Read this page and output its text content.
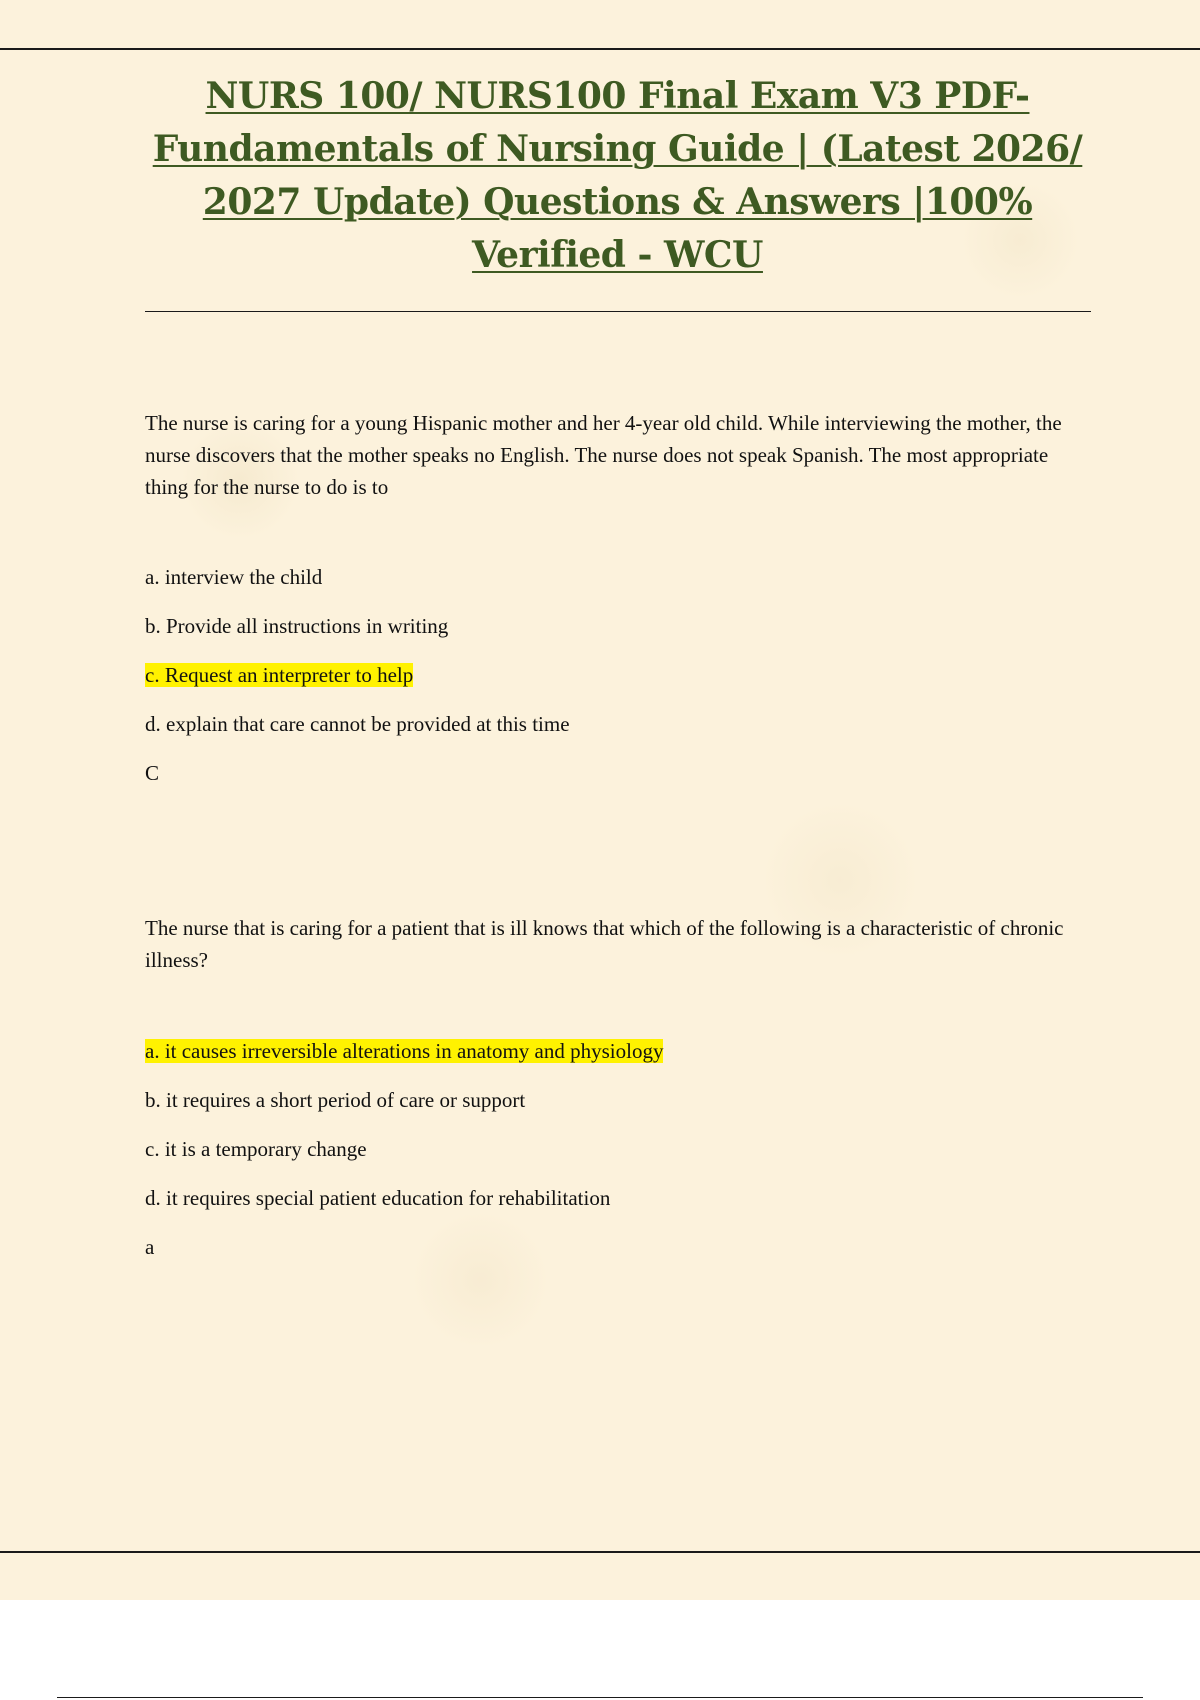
NURS 100/ NURS100 Final Exam V3 PDF- Fundamentals of Nursing Guide | (Latest 2026/ 2027 Update) Questions & Answers |100% Verified - WCU

The nurse is caring for a young Hispanic mother and her 4-year old child. While interviewing the mother, the nurse discovers that the mother speaks no English. The nurse does not speak Spanish. The most appropriate thing for the nurse to do is to

a. interview the child
b. Provide all instructions in writing
c. Request an interpreter to help
d. explain that care cannot be provided at this time

C

The nurse that is caring for a patient that is ill knows that which of the following is a characteristic of chronic illness?

a. it causes irreversible alterations in anatomy and physiology
b. it requires a short period of care or support
c. it is a temporary change
d. it requires special patient education for rehabilitation

a
